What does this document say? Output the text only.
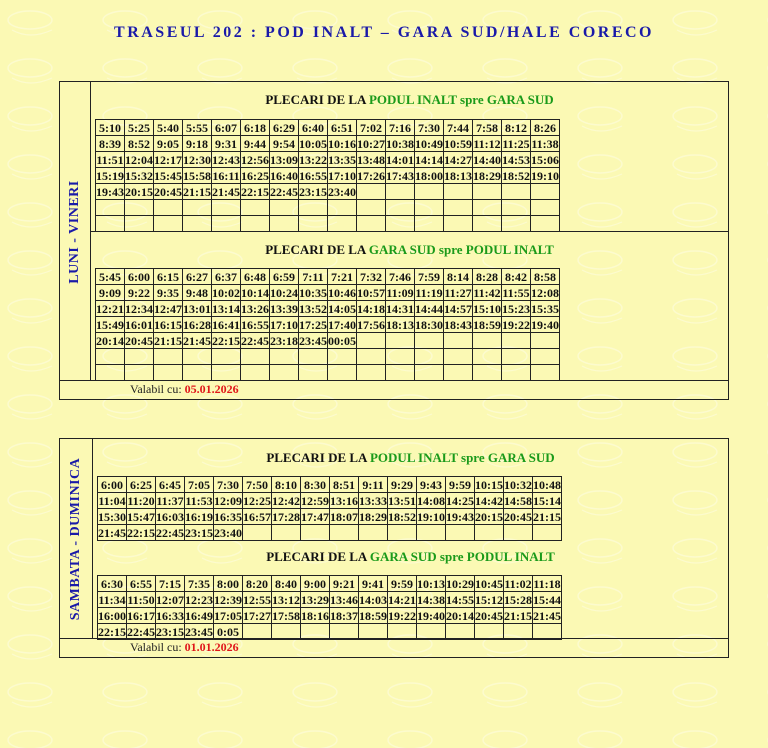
TRASEUL 202 : POD INALT – GARA SUD/HALE CORECO
LUNI - VINERI
PLECARI DE LA PODUL INALT spre GARA SUD
5:10	5:25	5:40	5:55	6:07	6:18	6:29	6:40	6:51	7:02	7:16	7:30	7:44	7:58	8:12	8:26
8:39	8:52	9:05	9:18	9:31	9:44	9:54	10:05	10:16	10:27	10:38	10:49	10:59	11:12	11:25	11:38
11:51	12:04	12:17	12:30	12:43	12:56	13:09	13:22	13:35	13:48	14:01	14:14	14:27	14:40	14:53	15:06
15:19	15:32	15:45	15:58	16:11	16:25	16:40	16:55	17:10	17:26	17:43	18:00	18:13	18:29	18:52	19:10
19:43	20:15	20:45	21:15	21:45	22:15	22:45	23:15	23:40							

PLECARI DE LA GARA SUD spre PODUL INALT
5:45	6:00	6:15	6:27	6:37	6:48	6:59	7:11	7:21	7:32	7:46	7:59	8:14	8:28	8:42	8:58
9:09	9:22	9:35	9:48	10:02	10:14	10:24	10:35	10:46	10:57	11:09	11:19	11:27	11:42	11:55	12:08
12:21	12:34	12:47	13:01	13:14	13:26	13:39	13:52	14:05	14:18	14:31	14:44	14:57	15:10	15:23	15:35
15:49	16:01	16:15	16:28	16:41	16:55	17:10	17:25	17:40	17:56	18:13	18:30	18:43	18:59	19:22	19:40
20:14	20:45	21:15	21:45	22:15	22:45	23:18	23:45	00:05							

Valabil cu: 05.01.2026
SAMBATA - DUMINICA
PLECARI DE LA PODUL INALT spre GARA SUD
6:00	6:25	6:45	7:05	7:30	7:50	8:10	8:30	8:51	9:11	9:29	9:43	9:59	10:15	10:32	10:48
11:04	11:20	11:37	11:53	12:09	12:25	12:42	12:59	13:16	13:33	13:51	14:08	14:25	14:42	14:58	15:14
15:30	15:47	16:03	16:19	16:35	16:57	17:28	17:47	18:07	18:29	18:52	19:10	19:43	20:15	20:45	21:15
21:45	22:15	22:45	23:15	23:40											
PLECARI DE LA GARA SUD spre PODUL INALT
6:30	6:55	7:15	7:35	8:00	8:20	8:40	9:00	9:21	9:41	9:59	10:13	10:29	10:45	11:02	11:18
11:34	11:50	12:07	12:23	12:39	12:55	13:12	13:29	13:46	14:03	14:21	14:38	14:55	15:12	15:28	15:44
16:00	16:17	16:33	16:49	17:05	17:27	17:58	18:16	18:37	18:59	19:22	19:40	20:14	20:45	21:15	21:45
22:15	22:45	23:15	23:45	0:05											
Valabil cu: 01.01.2026
